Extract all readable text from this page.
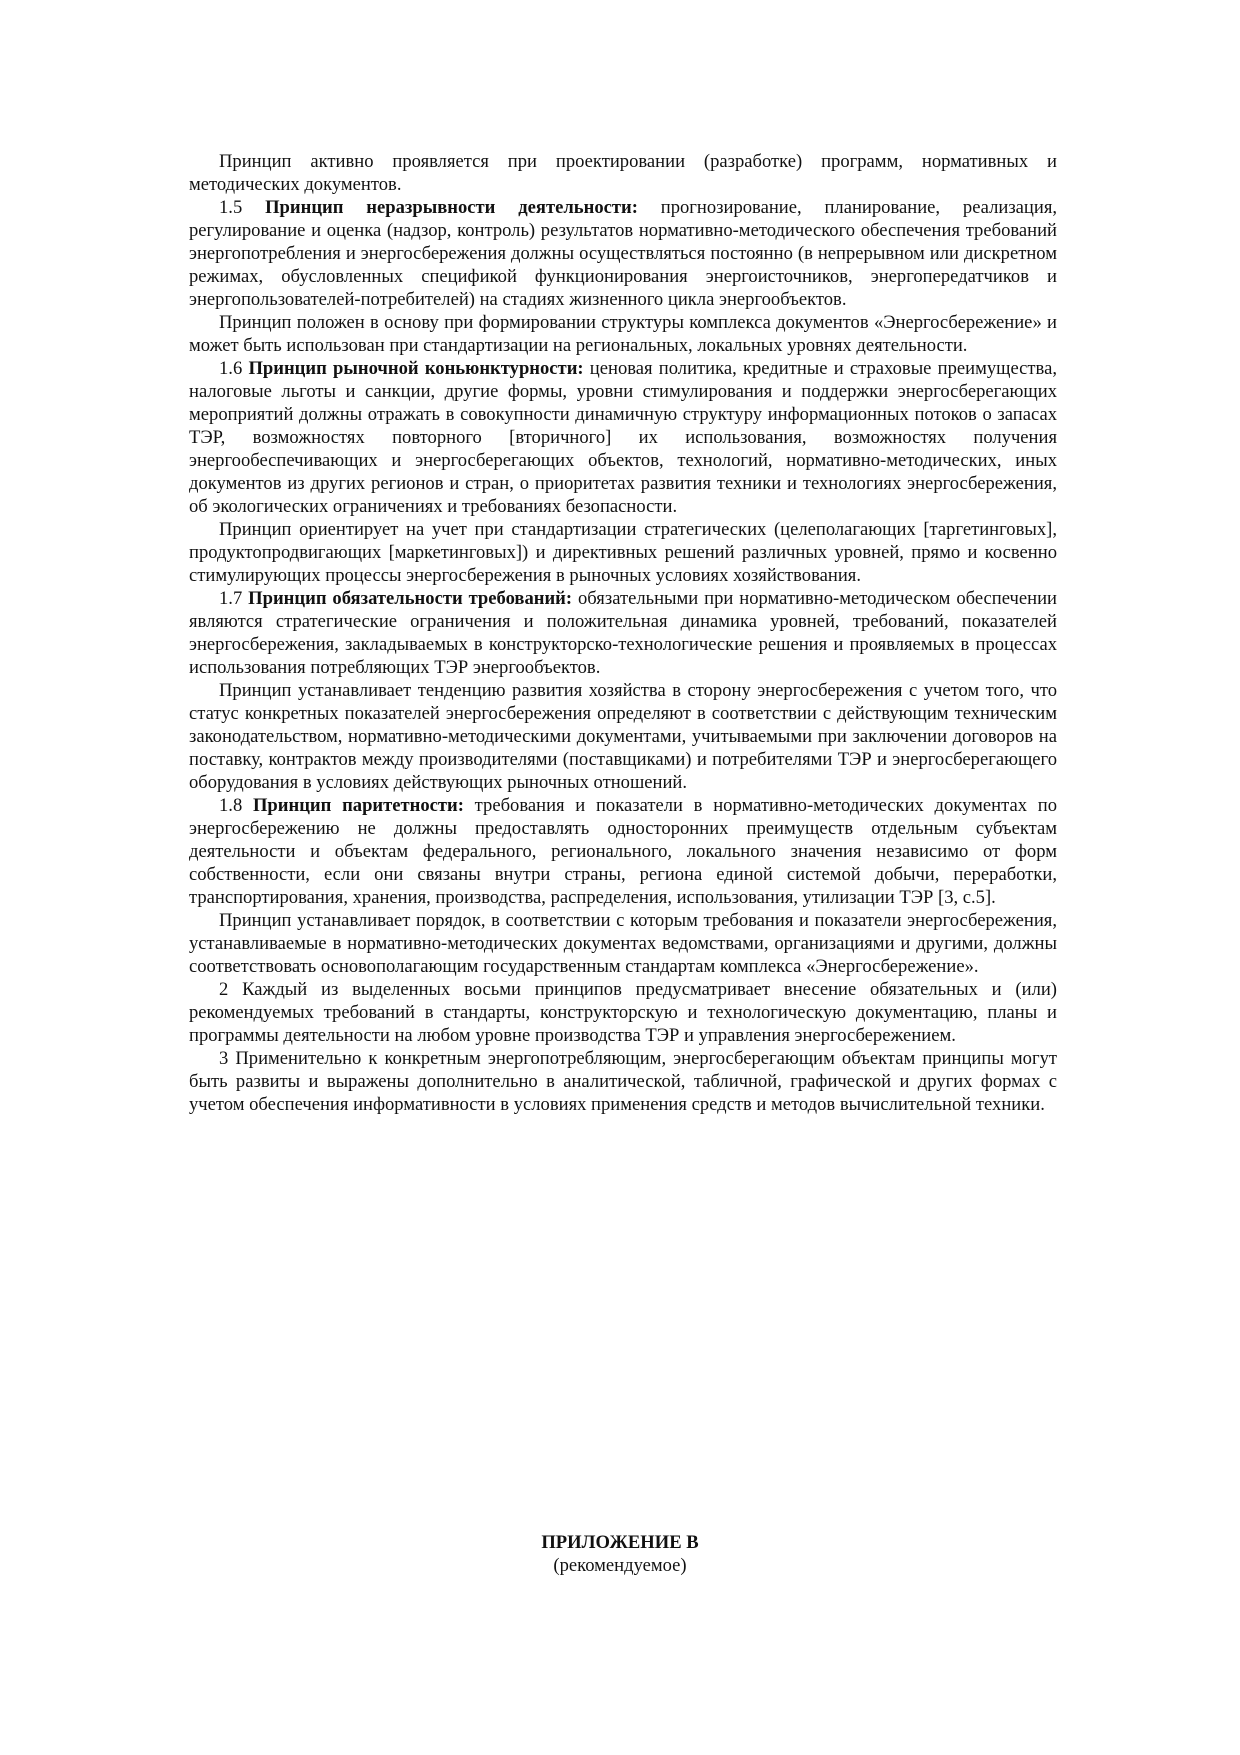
Принцип активно проявляется при проектировании (разработке) программ, нормативных и методических документов.

1.5 Принцип неразрывности деятельности: прогнозирование, планирование, реализация, регулирование и оценка (надзор, контроль) результатов нормативно-методического обеспечения требований энергопотребления и энергосбережения должны осуществляться постоянно (в непрерывном или дискретном режимах, обусловленных спецификой функционирования энергоисточников, энергопередатчиков и энергопользователей-потребителей) на стадиях жизненного цикла энергообъектов.

Принцип положен в основу при формировании структуры комплекса документов «Энергосбережение» и может быть использован при стандартизации на региональных, локальных уровнях деятельности.

1.6 Принцип рыночной коньюнктурности: ценовая политика, кредитные и страховые преимущества, налоговые льготы и санкции, другие формы, уровни стимулирования и поддержки энергосберегающих мероприятий должны отражать в совокупности динамичную структуру информационных потоков о запасах ТЭР, возможностях повторного [вторичного] их использования, возможностях получения энергообеспечивающих и энергосберегающих объектов, технологий, нормативно-методических, иных документов из других регионов и стран, о приоритетах развития техники и технологиях энергосбережения, об экологических ограничениях и требованиях безопасности.

Принцип ориентирует на учет при стандартизации стратегических (целеполагающих [таргетинговых], продуктопродвигающих [маркетинговых]) и директивных решений различных уровней, прямо и косвенно стимулирующих процессы энергосбережения в рыночных условиях хозяйствования.

1.7 Принцип обязательности требований: обязательными при нормативно-методическом обеспечении являются стратегические ограничения и положительная динамика уровней, требований, показателей энергосбережения, закладываемых в конструкторско-технологические решения и проявляемых в процессах использования потребляющих ТЭР энергообъектов.

Принцип устанавливает тенденцию развития хозяйства в сторону энергосбережения с учетом того, что статус конкретных показателей энергосбережения определяют в соответствии с действующим техническим законодательством, нормативно-методическими документами, учитываемыми при заключении договоров на поставку, контрактов между производителями (поставщиками) и потребителями ТЭР и энергосберегающего оборудования в условиях действующих рыночных отношений.

1.8 Принцип паритетности: требования и показатели в нормативно-методических документах по энергосбережению не должны предоставлять односторонних преимуществ отдельным субъектам деятельности и объектам федерального, регионального, локального значения независимо от форм собственности, если они связаны внутри страны, региона единой системой добычи, переработки, транспортирования, хранения, производства, распределения, использования, утилизации ТЭР [3, с.5].

Принцип устанавливает порядок, в соответствии с которым требования и показатели энергосбережения, устанавливаемые в нормативно-методических документах ведомствами, организациями и другими, должны соответствовать основополагающим государственным стандартам комплекса «Энергосбережение».

2 Каждый из выделенных восьми принципов предусматривает внесение обязательных и (или) рекомендуемых требований в стандарты, конструкторскую и технологическую документацию, планы и программы деятельности на любом уровне производства ТЭР и управления энергосбережением.

3 Применительно к конкретным энергопотребляющим, энергосберегающим объектам принципы могут быть развиты и выражены дополнительно в аналитической, табличной, графической и других формах с учетом обеспечения информативности в условиях применения средств и методов вычислительной техники.

ПРИЛОЖЕНИЕ В
(рекомендуемое)
